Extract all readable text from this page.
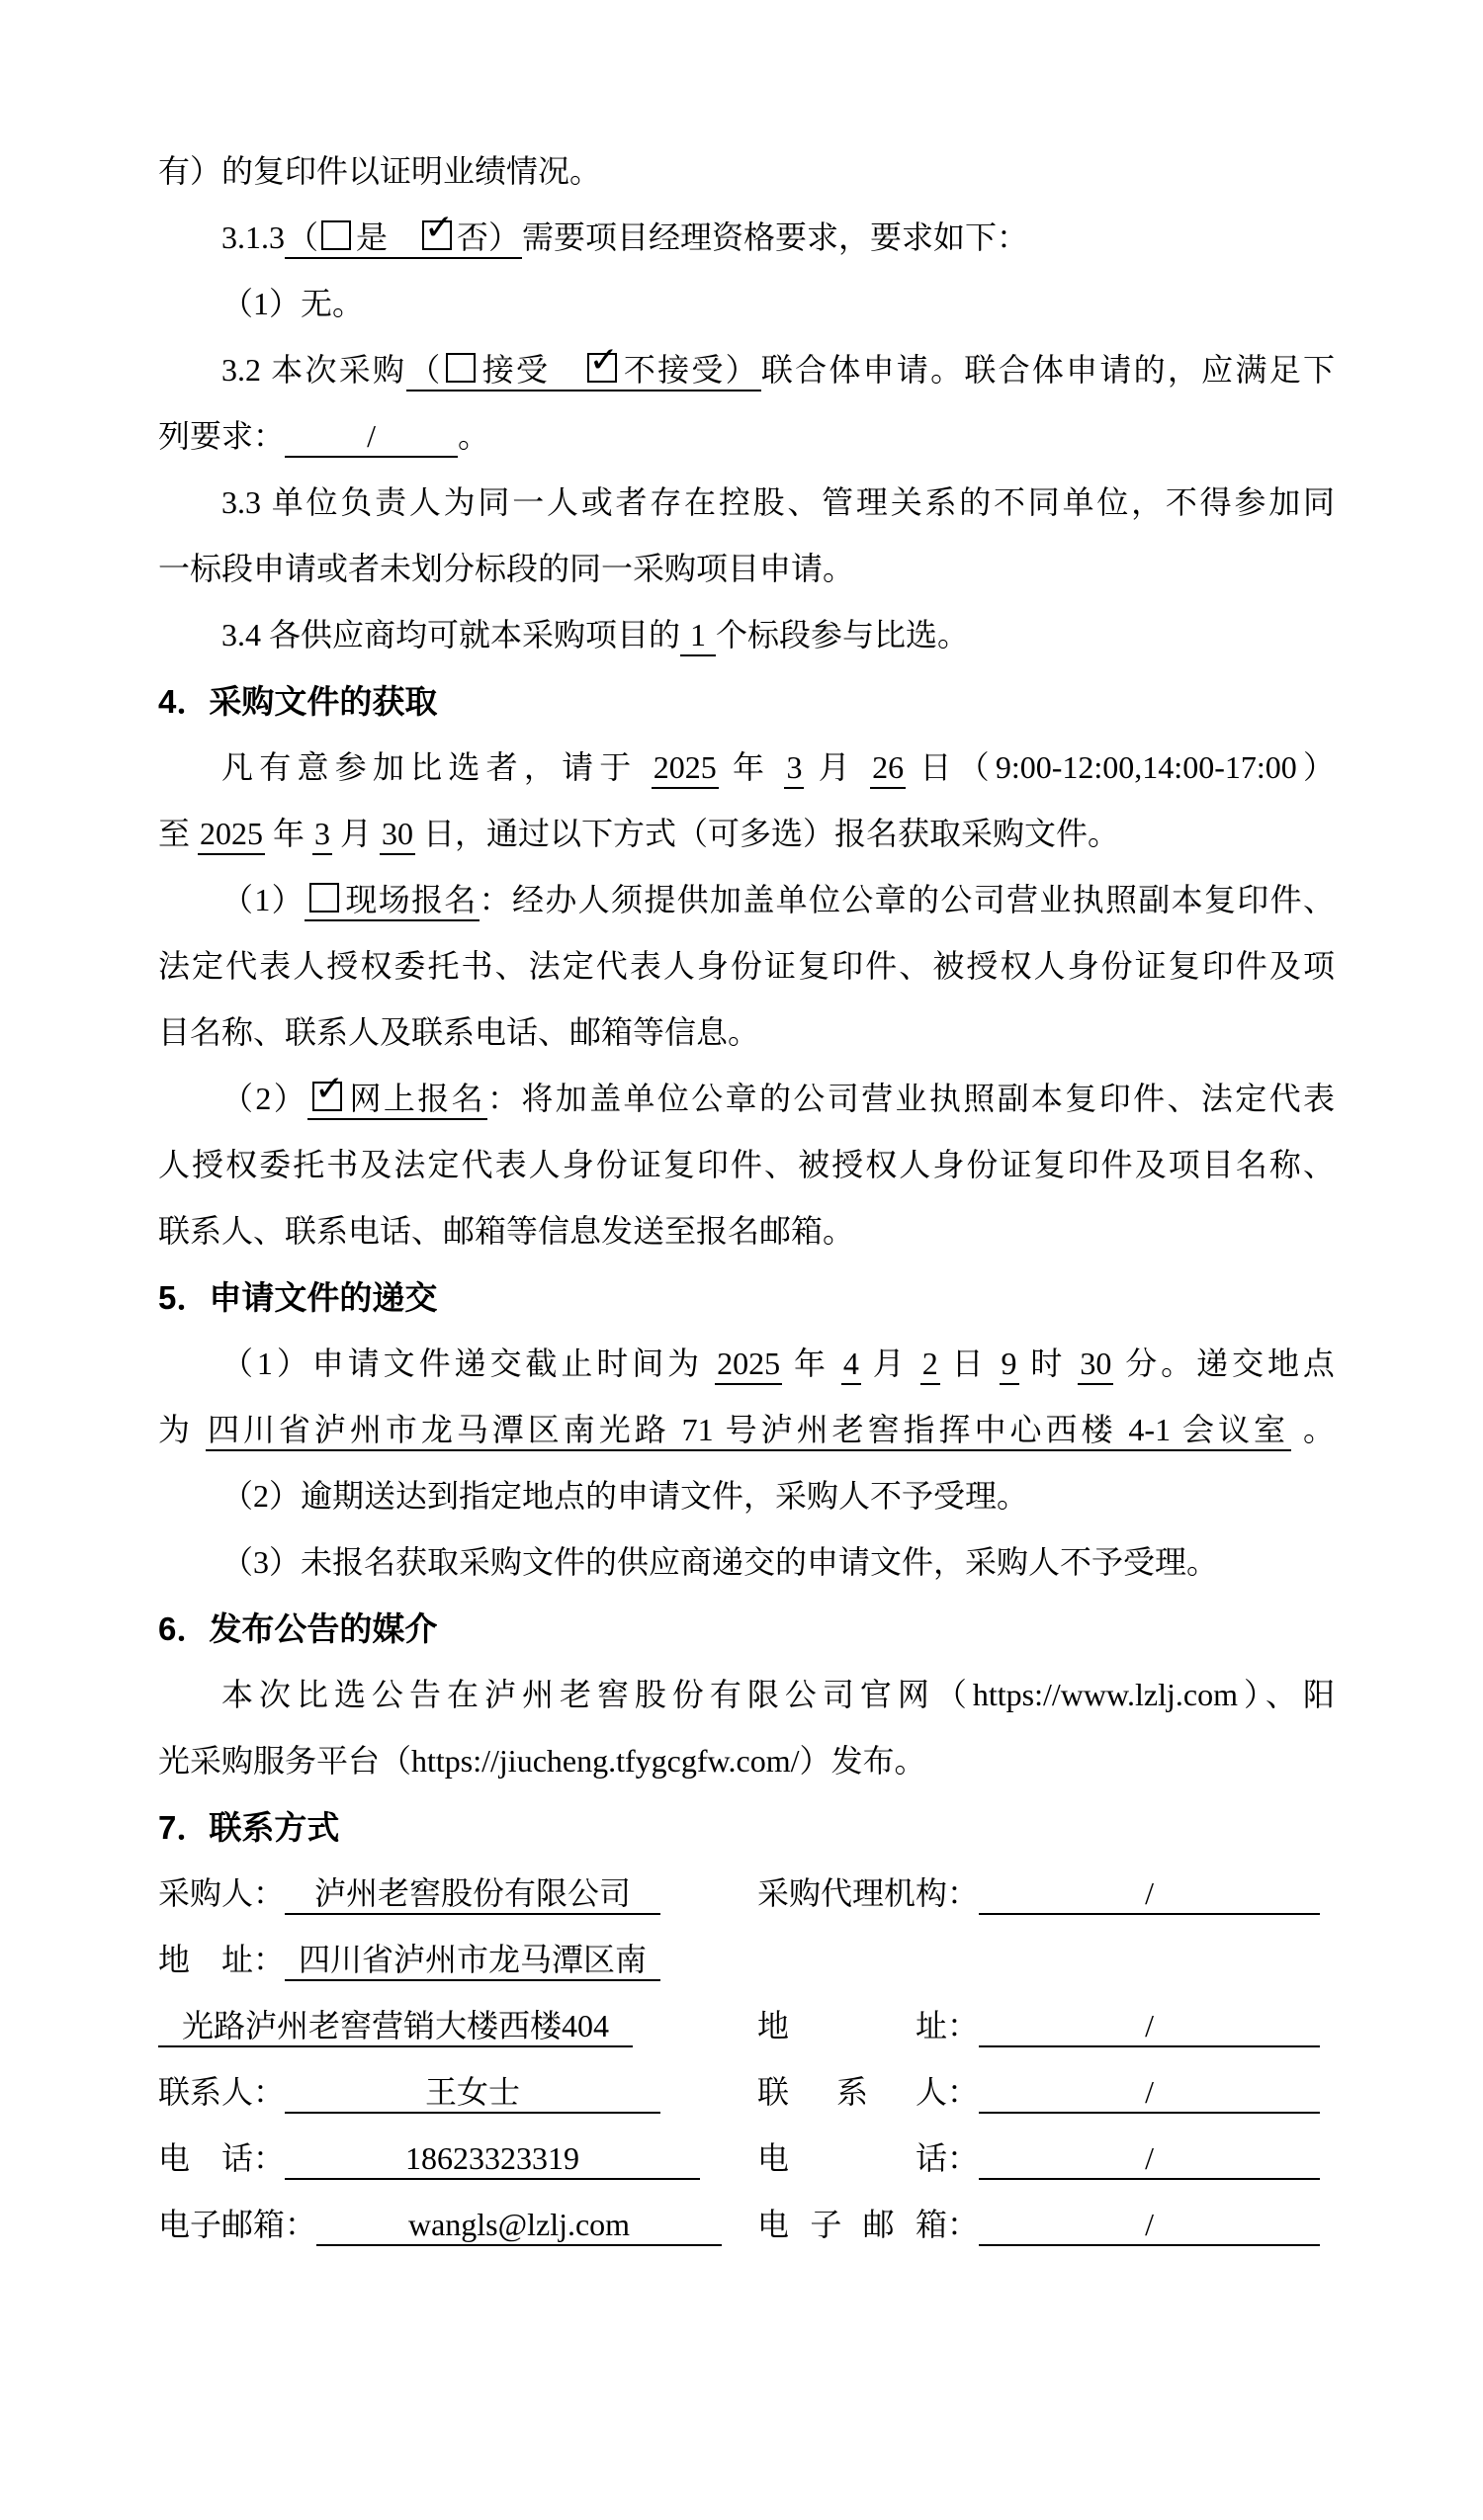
有）的复印件以证明业绩情况。
3.1.3（ 是　✓否）需要项目经理资格要求，要求如下：
（1）无。
3.2 本次采购（ 接受　✓不接受）联合体申请。联合体申请的，应满足下
列要求：	/	。
3.3 单位负责人为同一人或者存在控股、管理关系的不同单位，不得参加同
一标段申请或者未划分标段的同一采购项目申请。
3.4 各供应商均可就本采购项目的 1 个标段参与比选。
4．采购文件的获取
凡有意参加比选者，请于 2025 年 3 月 26 日（9:00-12:00,14:00-17:00）
至 2025 年 3 月 30 日，通过以下方式（可多选）报名获取采购文件。
（1） 现场报名：经办人须提供加盖单位公章的公司营业执照副本复印件、
法定代表人授权委托书、法定代表人身份证复印件、被授权人身份证复印件及项
目名称、联系人及联系电话、邮箱等信息。
（2） ✓ 网上报名：将加盖单位公章的公司营业执照副本复印件、法定代表
人授权委托书及法定代表人身份证复印件、被授权人身份证复印件及项目名称、
联系人、联系电话、邮箱等信息发送至报名邮箱。
5．申请文件的递交
（1）申请文件递交截止时间为 2025 年 4 月 2 日 9 时 30 分。递交地点
为 四川省泸州市龙马潭区南光路 71 号泸州老窖指挥中心西楼 4-1 会议室 。
（2）逾期送达到指定地点的申请文件，采购人不予受理。
（3）未报名获取采购文件的供应商递交的申请文件，采购人不予受理。
6．发布公告的媒介
本次比选公告在泸州老窖股份有限公司官网（https://www.lzlj.com）、阳
光采购服务平台（https://jiucheng.tfygcgfw.com/）发布。
7．联系方式
采购人： 泸州老窖股份有限公司	采购代理机构：	/
地　址： 四川省泸州市龙马潭区南
光路泸州老窖营销大楼西楼404	地址：	/
联系人：	王女士	联系人：	/
电　话：	18623323319	电话：	/
电子邮箱：	wangls@lzlj.com	电子邮箱：	/
